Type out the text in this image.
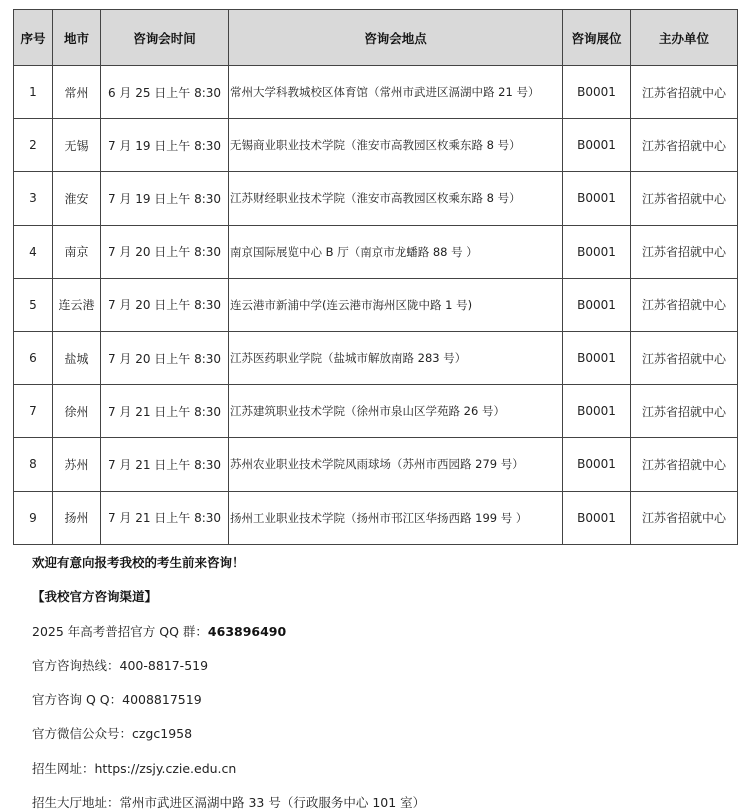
序号	地市	咨询会时间	咨询会地点	咨询展位	主办单位
1	常州	6 月 25 日上午 8:30	常州大学科教城校区体育馆（常州市武进区滆湖中路 21 号）	B0001	江苏省招就中心
2	无锡	7 月 19 日上午 8:30	无锡商业职业技术学院（淮安市高教园区枚乘东路 8 号）	B0001	江苏省招就中心
3	淮安	7 月 19 日上午 8:30	江苏财经职业技术学院（淮安市高教园区枚乘东路 8 号）	B0001	江苏省招就中心
4	南京	7 月 20 日上午 8:30	南京国际展览中心 B 厅（南京市龙蟠路 88 号 ）	B0001	江苏省招就中心
5	连云港	7 月 20 日上午 8:30	连云港市新浦中学(连云港市海州区陇中路 1 号)	B0001	江苏省招就中心
6	盐城	7 月 20 日上午 8:30	江苏医药职业学院（盐城市解放南路 283 号）	B0001	江苏省招就中心
7	徐州	7 月 21 日上午 8:30	江苏建筑职业技术学院（徐州市泉山区学苑路 26 号）	B0001	江苏省招就中心
8	苏州	7 月 21 日上午 8:30	苏州农业职业技术学院风雨球场（苏州市西园路 279 号）	B0001	江苏省招就中心
9	扬州	7 月 21 日上午 8:30	扬州工业职业技术学院（扬州市邗江区华扬西路 199 号 ）	B0001	江苏省招就中心
欢迎有意向报考我校的考生前来咨询！
【我校官方咨询渠道】
2025 年高考普招官方 QQ 群：463896490
官方咨询热线：400-8817-519
官方咨询 Q Q：4008817519
官方微信公众号：czgc1958
招生网址：https://zsjy.czie.edu.cn
招生大厅地址：常州市武进区滆湖中路 33 号（行政服务中心 101 室）
